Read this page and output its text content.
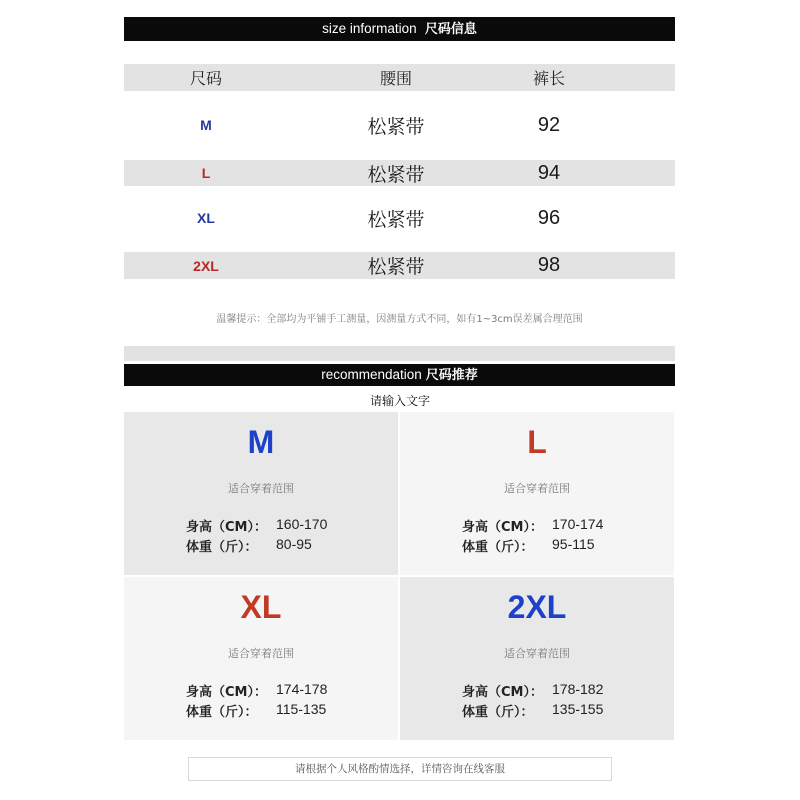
size information 尺码信息
尺码	腰围	裤长
M	松紧带	92
L	松紧带	94
XL	松紧带	96
2XL	松紧带	98
温馨提示：全部均为平铺手工测量，因测量方式不同，如有1~3cm误差属合理范围
recommendation 尺码推荐
请输入文字
M
适合穿着范围
身高（CM）： 160-170
体重（斤）： 80-95
L
适合穿着范围
身高（CM）： 170-174
体重（斤）： 95-115
XL
适合穿着范围
身高（CM）： 174-178
体重（斤）： 115-135
2XL
适合穿着范围
身高（CM）： 178-182
体重（斤）： 135-155
请根据个人风格酌情选择，详情咨询在线客服
